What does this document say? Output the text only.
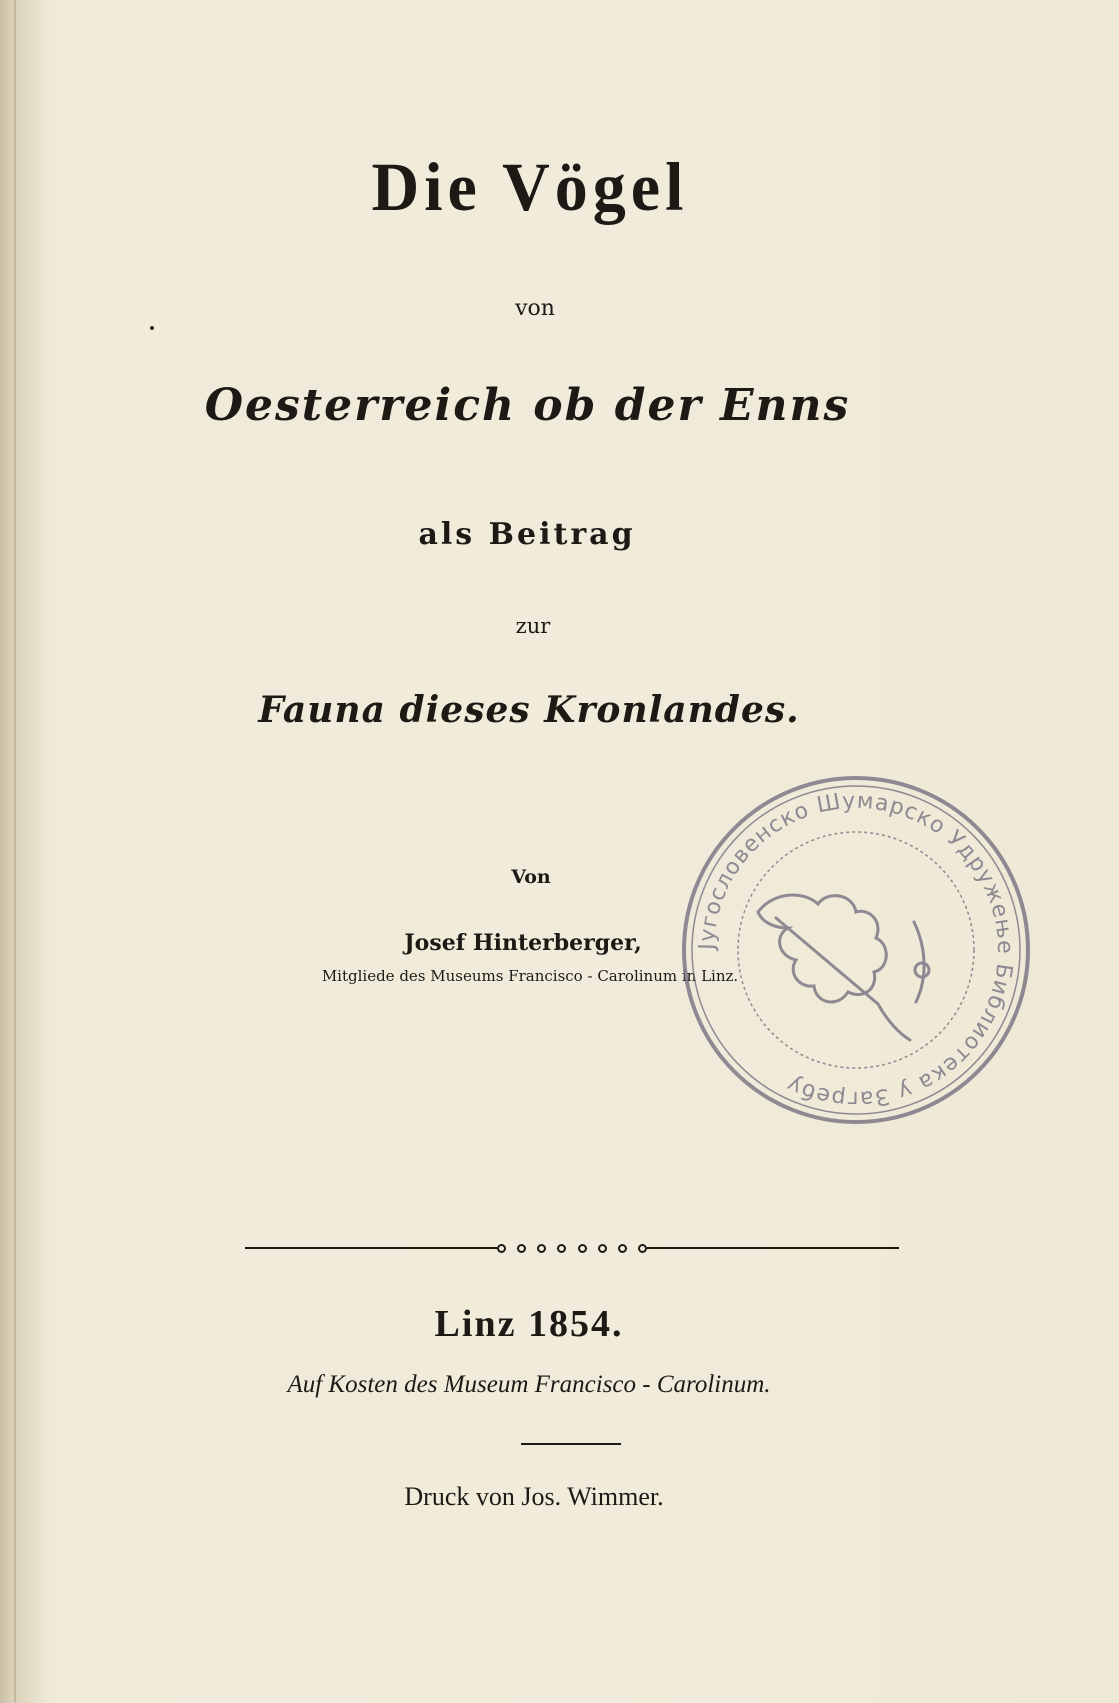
Die Vögel
von
Oesterreich ob der Enns
als Beitrag
zur
Fauna dieses Kronlandes.
Von
Josef Hinterberger,
Mitgliede des Museums Francisco - Carolinum in Linz.
Југословенско Шумарско Удружење Библиотека у Загребу
Linz 1854.
Auf Kosten des Museum Francisco - Carolinum.
Druck von Jos. Wimmer.
